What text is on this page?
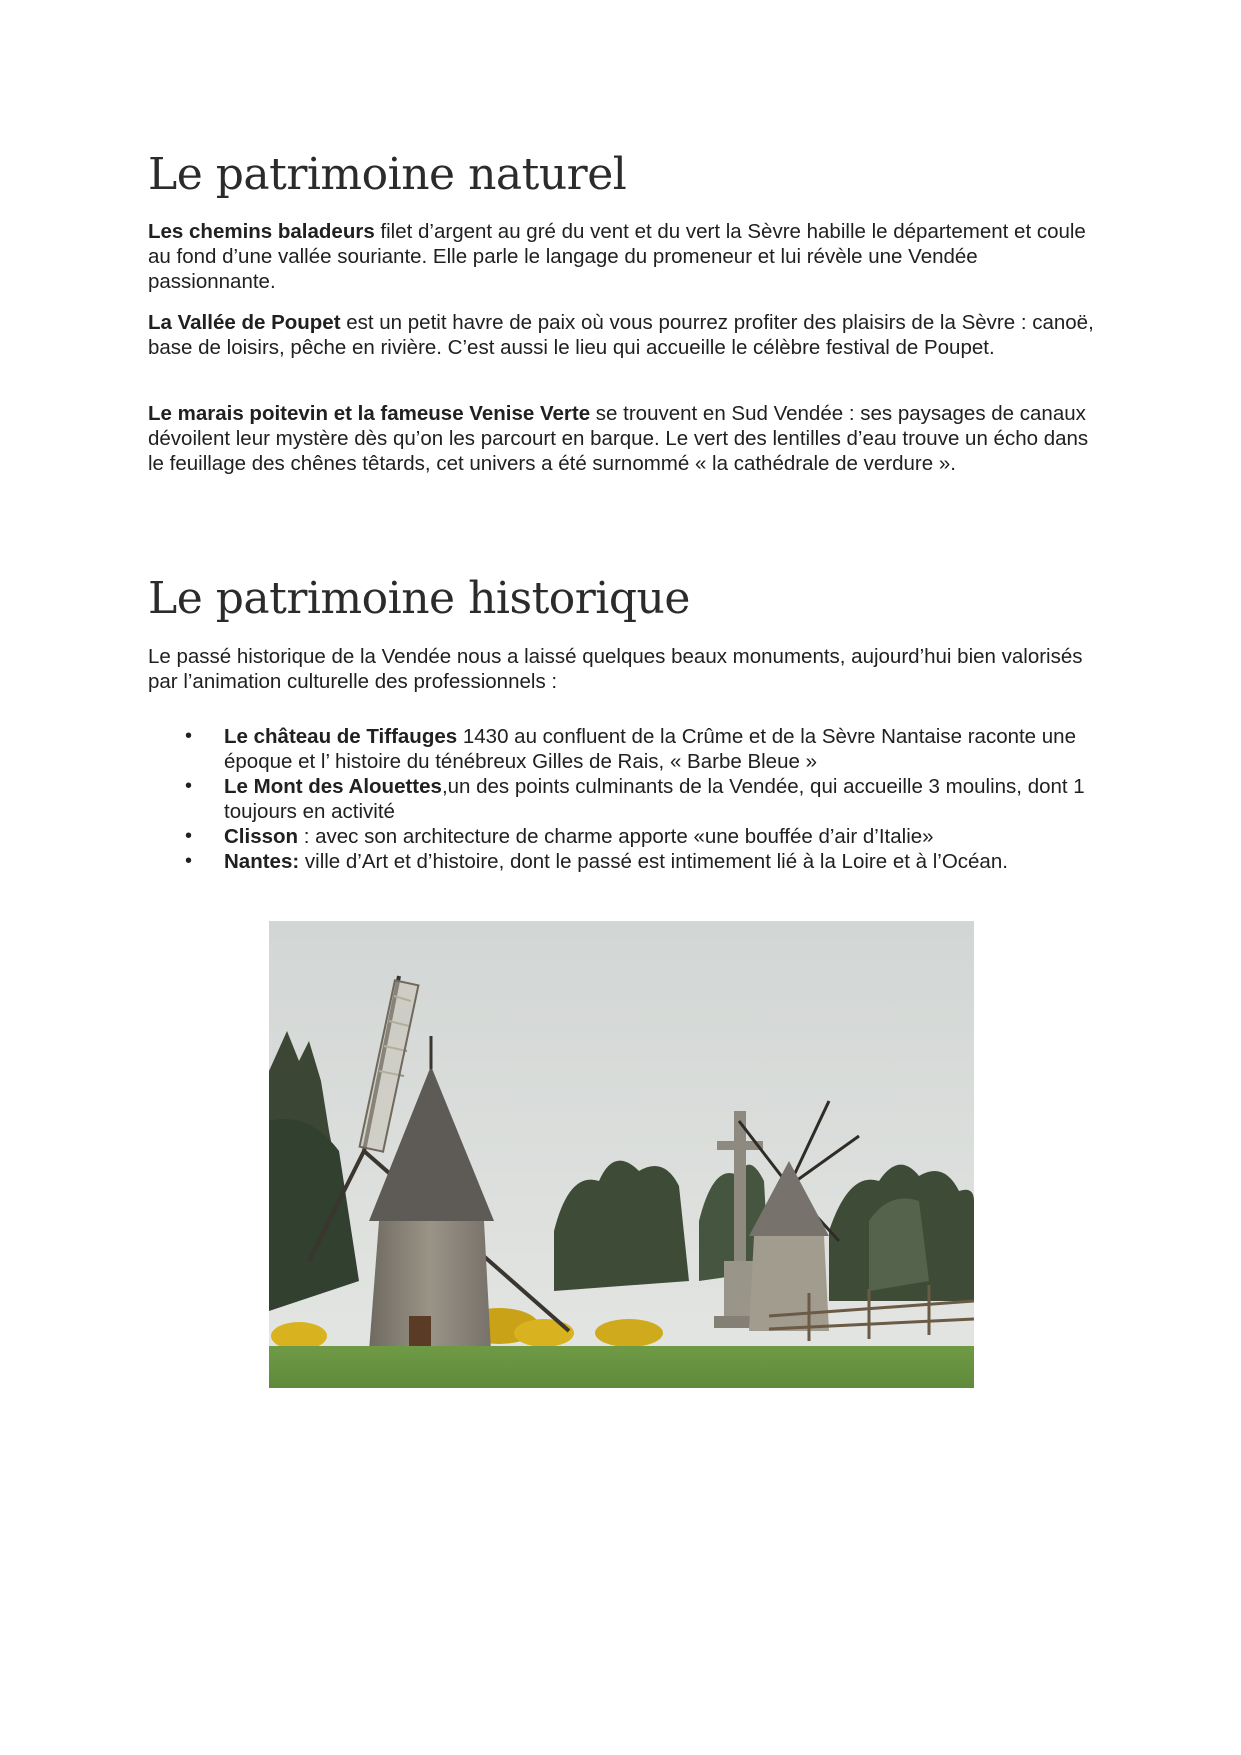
Le patrimoine naturel

Les chemins baladeurs filet d’argent au gré du vent et du vert la Sèvre habille le département et coule au fond d’une vallée souriante. Elle parle le langage du promeneur et lui révèle une Vendée passionnante.

La Vallée de Poupet est un petit havre de paix où vous pourrez profiter des plaisirs de la Sèvre : canoë, base de loisirs, pêche en rivière. C’est aussi le lieu qui accueille le célèbre festival de Poupet.

Le marais poitevin et la fameuse Venise Verte se trouvent en Sud Vendée : ses paysages de canaux dévoilent leur mystère dès qu’on les parcourt en barque. Le vert des lentilles d’eau trouve un écho dans le feuillage des chênes têtards, cet univers a été surnommé « la cathédrale de verdure ».

Le patrimoine historique

Le passé historique de la Vendée nous a laissé quelques beaux monuments, aujourd’hui bien valorisés par l’animation culturelle des professionnels :

• Le château de Tiffauges 1430 au confluent de la Crûme et de la Sèvre Nantaise raconte une époque et l’ histoire du ténébreux Gilles de Rais, « Barbe Bleue »
• Le Mont des Alouettes,un des points culminants de la Vendée, qui accueille 3 moulins, dont 1 toujours en activité
• Clisson : avec son architecture de charme apporte «une bouffée d’air d’Italie»
• Nantes: ville d’Art et d’histoire, dont le passé est intimement lié à la Loire et à l’Océan.
